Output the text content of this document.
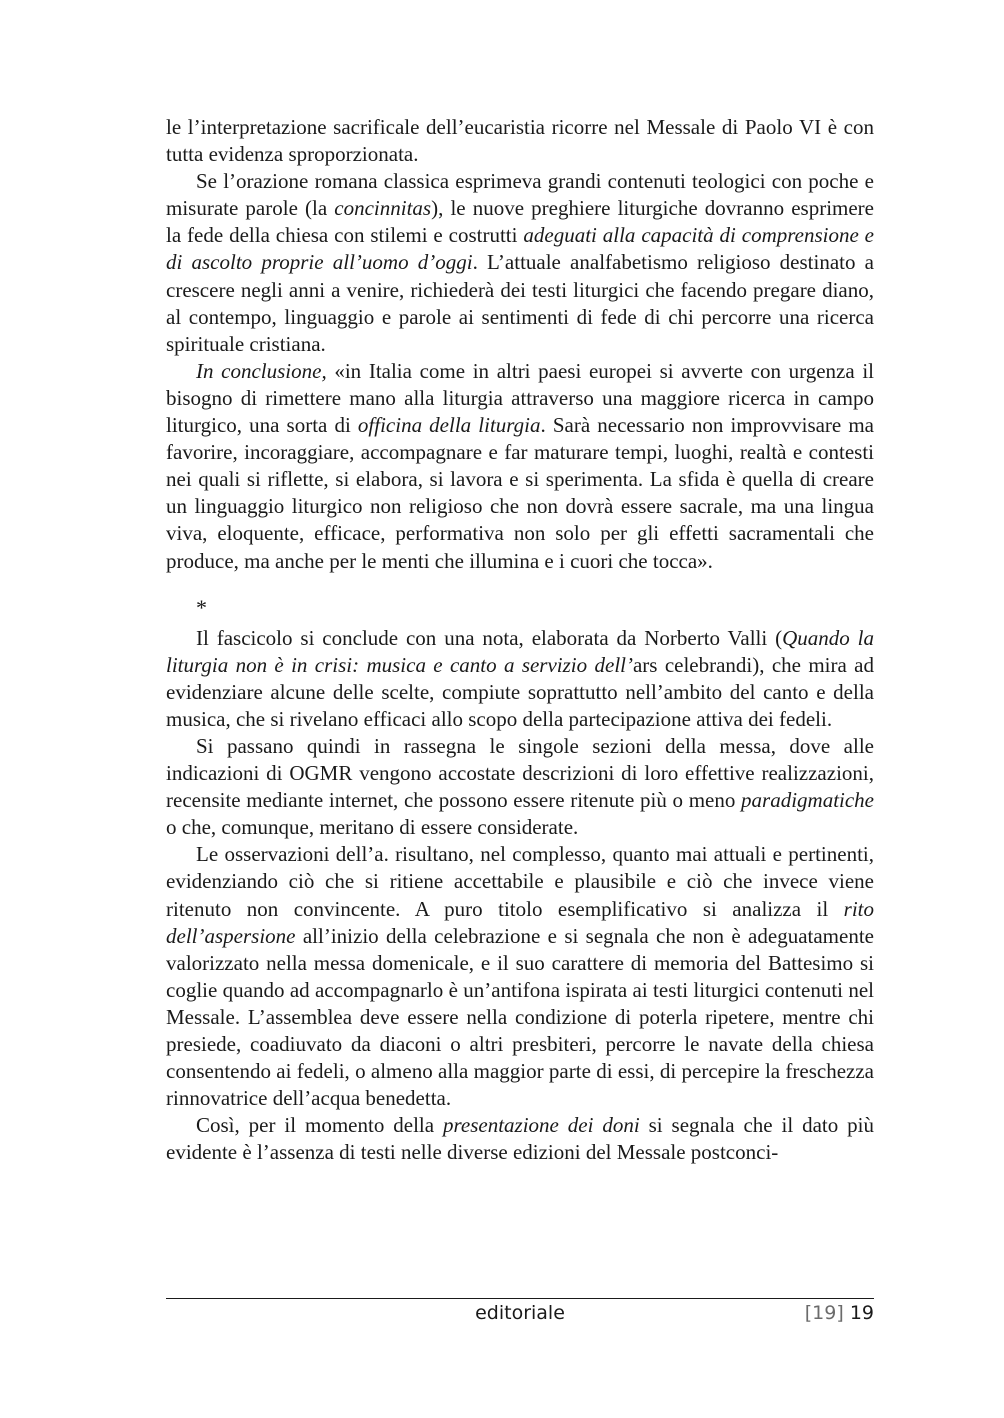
le l’interpretazione sacrificale dell’eucaristia ricorre nel Messale di Paolo VI è con tutta evidenza sproporzionata.

Se l’orazione romana classica esprimeva grandi contenuti teologici con poche e misurate parole (la concinnitas), le nuove preghiere liturgiche dovranno esprimere la fede della chiesa con stilemi e costrutti adeguati alla capacità di comprensione e di ascolto proprie all’uomo d’oggi. L’attuale analfabetismo religioso destinato a crescere negli anni a venire, richiederà dei testi liturgici che facendo pregare diano, al contempo, linguaggio e parole ai sentimenti di fede di chi percorre una ricerca spirituale cristiana.

In conclusione, «in Italia come in altri paesi europei si avverte con urgenza il bisogno di rimettere mano alla liturgia attraverso una maggiore ricerca in campo liturgico, una sorta di officina della liturgia. Sarà necessario non improvvisare ma favorire, incoraggiare, accompagnare e far maturare tempi, luoghi, realtà e contesti nei quali si riflette, si elabora, si lavora e si sperimenta. La sfida è quella di creare un linguaggio liturgico non religioso che non dovrà essere sacrale, ma una lingua viva, eloquente, efficace, performativa non solo per gli effetti sacramentali che produce, ma anche per le menti che illumina e i cuori che tocca».

*

Il fascicolo si conclude con una nota, elaborata da Norberto Valli (Quando la liturgia non è in crisi: musica e canto a servizio dell’ars celebrandi), che mira ad evidenziare alcune delle scelte, compiute soprattutto nell’ambito del canto e della musica, che si rivelano efficaci allo scopo della partecipazione attiva dei fedeli.

Si passano quindi in rassegna le singole sezioni della messa, dove alle indicazioni di OGMR vengono accostate descrizioni di loro effettive realizzazioni, recensite mediante internet, che possono essere ritenute più o meno paradigmatiche o che, comunque, meritano di essere considerate.

Le osservazioni dell’a. risultano, nel complesso, quanto mai attuali e pertinenti, evidenziando ciò che si ritiene accettabile e plausibile e ciò che invece viene ritenuto non convincente. A puro titolo esemplificativo si analizza il rito dell’aspersione all’inizio della celebrazione e si segnala che non è adeguatamente valorizzato nella messa domenicale, e il suo carattere di memoria del Battesimo si coglie quando ad accompagnarlo è un’antifona ispirata ai testi liturgici contenuti nel Messale. L’assemblea deve essere nella condizione di poterla ripetere, mentre chi presiede, coadiuvato da diaconi o altri presbiteri, percorre le navate della chiesa consentendo ai fedeli, o almeno alla maggior parte di essi, di percepire la freschezza rinnovatrice dell’acqua benedetta.

Così, per il momento della presentazione dei doni si segnala che il dato più evidente è l’assenza di testi nelle diverse edizioni del Messale postconci-

editoriale	[19] 19
